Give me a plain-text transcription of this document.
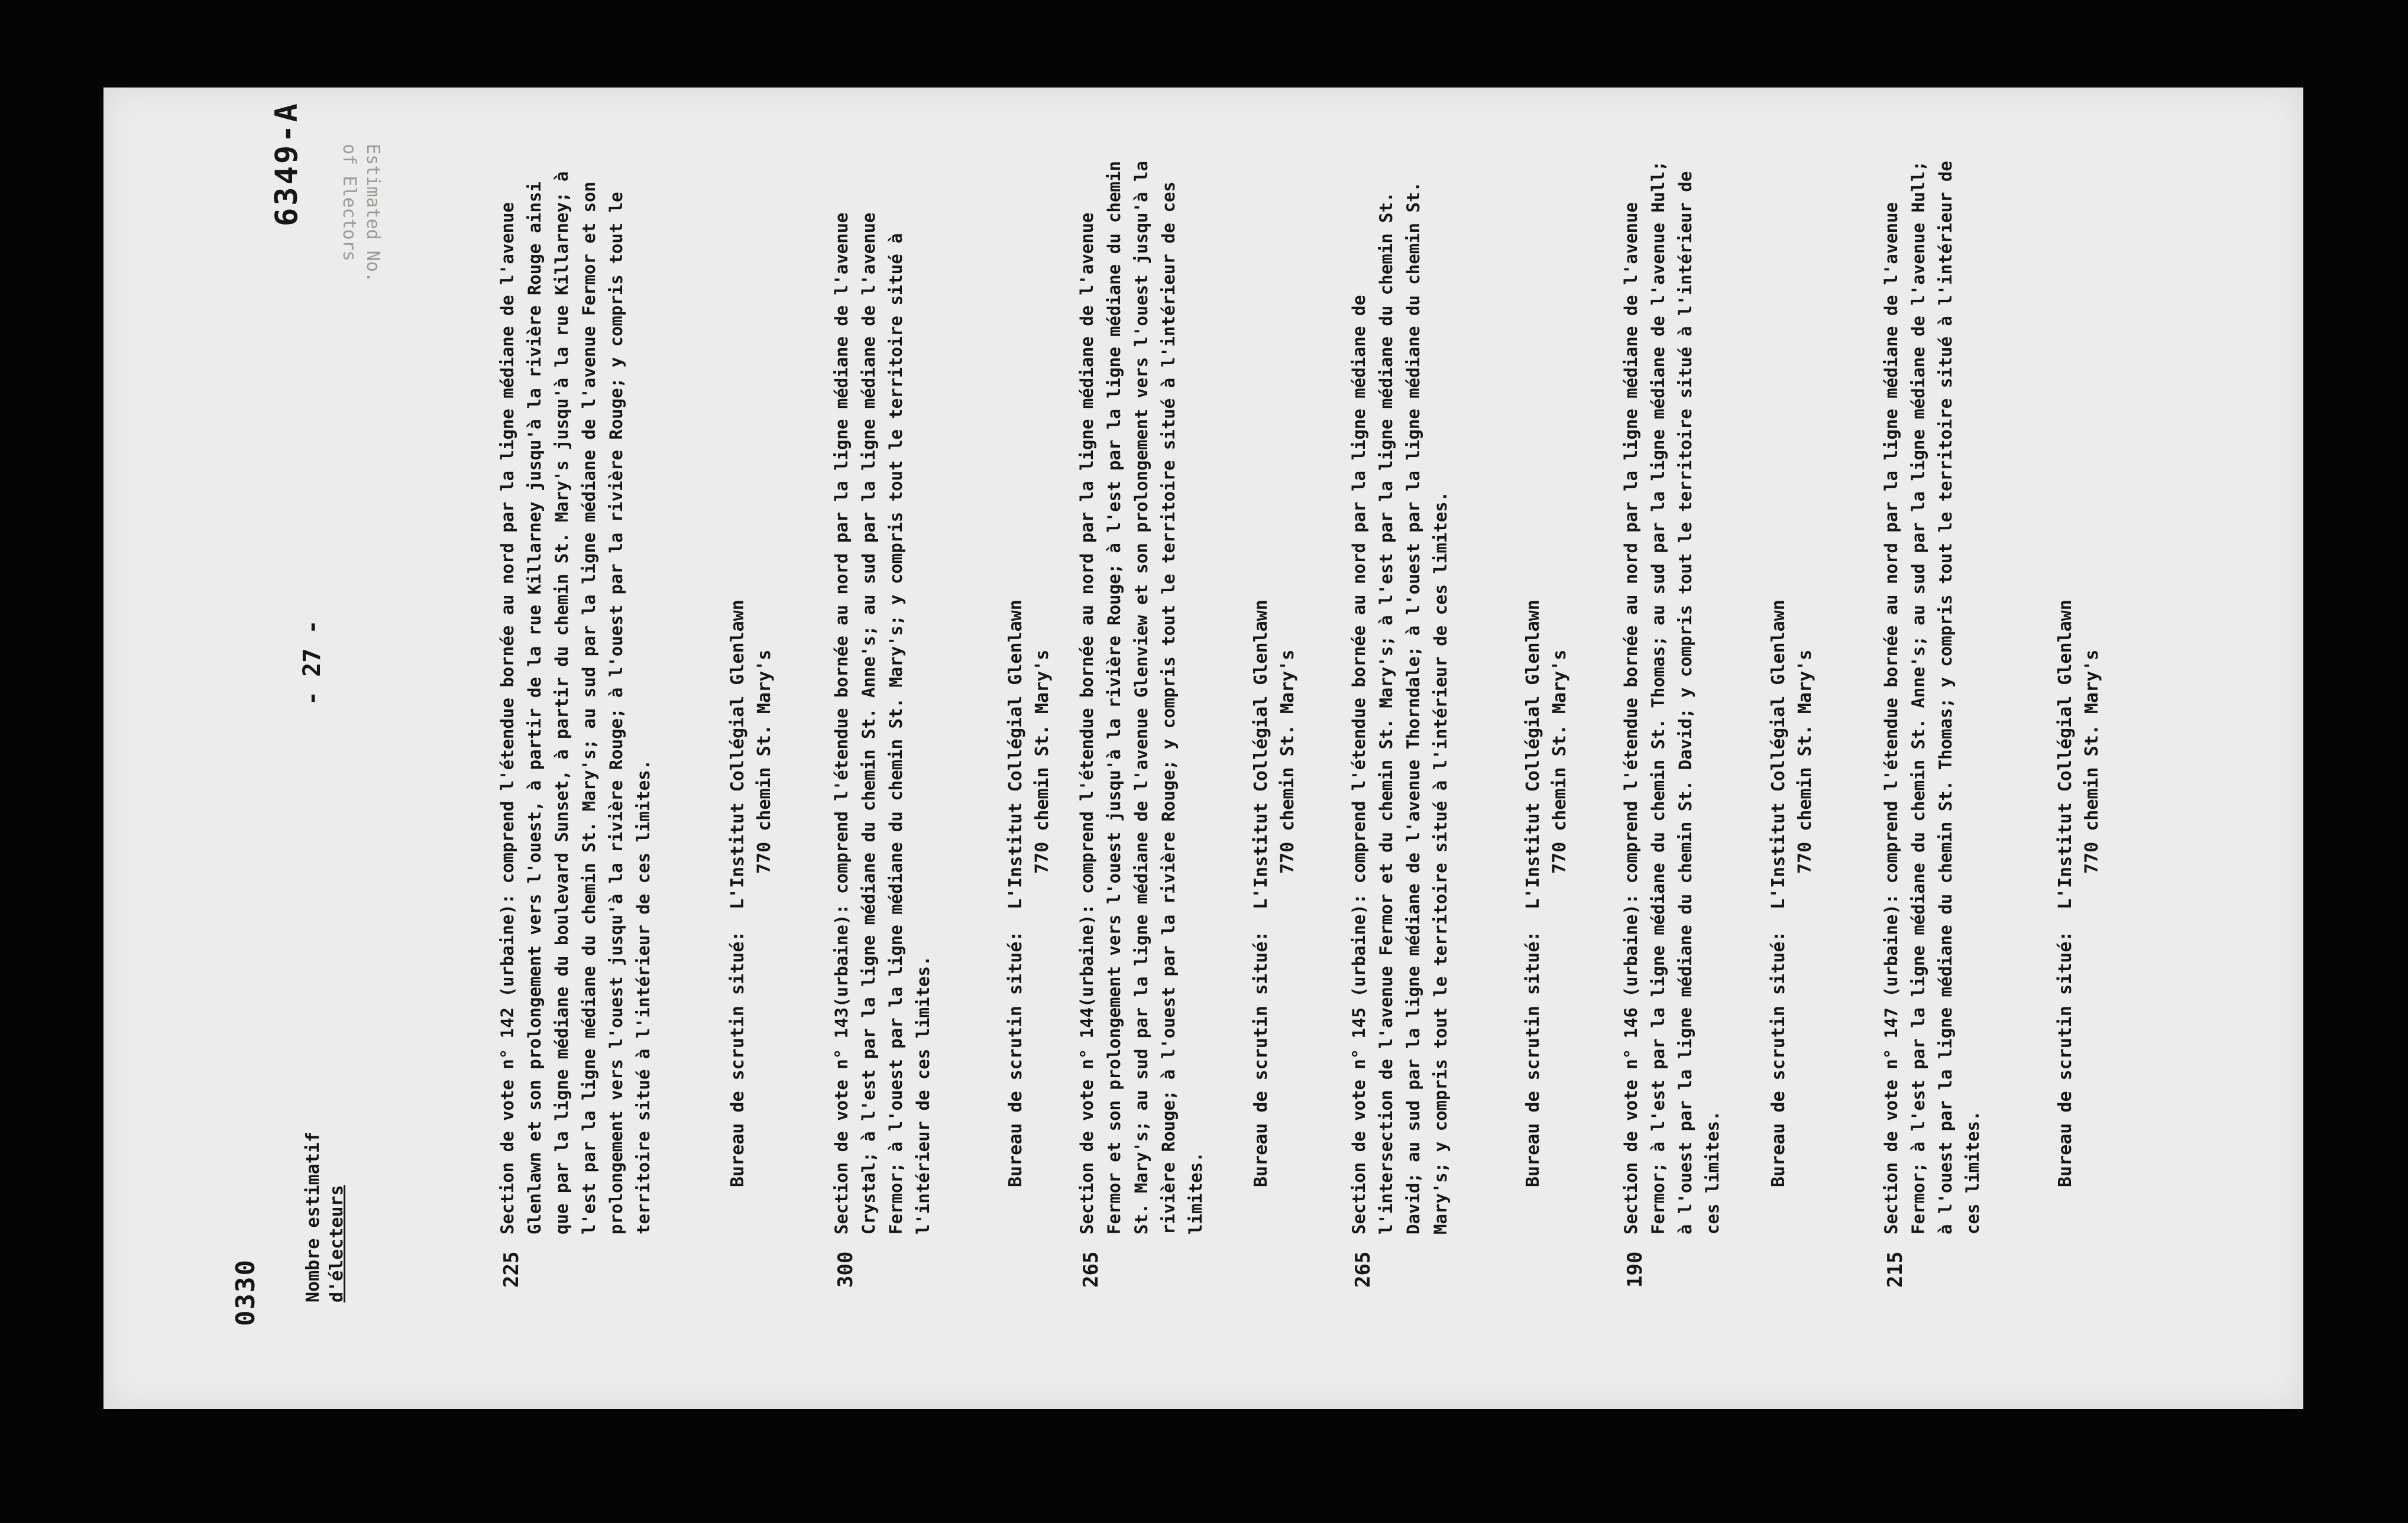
0330
6349-A
- 27 -
Nombre estimatif d'électeurs
Estimated No.
of Electors
225
Section de vote n° 142 (urbaine): comprend l'étendue bornée au nord par la ligne médiane de l'avenue Glenlawn et son prolongement vers l'ouest, à partir de la rue Killarney jusqu'à la rivière Rouge ainsi que par la ligne médiane du boulevard Sunset, à partir du chemin St. Mary's jusqu'à la rue Killarney; à l'est par la ligne médiane du chemin St. Mary's; au sud par la ligne médiane de l'avenue Fermor et son prolongement vers l'ouest jusqu'à la rivière Rouge; à l'ouest par la rivière Rouge; y compris tout le territoire situé à l'intérieur de ces limites.	Bureau de scrutin situé:
L'Institut Collégial Glenlawn 770 chemin St. Mary's
300
Section de vote n° 143(urbaine): comprend l'étendue bornée au nord par la ligne médiane de l'avenue Crystal; à l'est par la ligne médiane du chemin St. Anne's; au sud par la ligne médiane de l'avenue Fermor; à l'ouest par la ligne médiane du chemin St. Mary's; y compris tout le territoire situé à l'intérieur de ces limites.	Bureau de scrutin situé:
L'Institut Collégial Glenlawn 770 chemin St. Mary's
265
Section de vote n° 144(urbaine): comprend l'étendue bornée au nord par la ligne médiane de l'avenue Fermor et son prolongement vers l'ouest jusqu'à la rivière Rouge; à l'est par la ligne médiane du chemin St. Mary's; au sud par la ligne médiane de l'avenue Glenview et son prolongement vers l'ouest jusqu'à la rivière Rouge; à l'ouest par la rivière Rouge; y compris tout le territoire situé à l'intérieur de ces limites.
Bureau de scrutin situé:
L'Institut Collégial Glenlawn 770 chemin St. Mary's
265
Section de vote n° 145 (urbaine): comprend l'étendue bornée au nord par la ligne médiane de l'intersection de l'avenue Fermor et du chemin St. Mary's; à l'est par la ligne médiane du chemin St. David; au sud par la ligne médiane de l'avenue Thorndale; à l'ouest par la ligne médiane du chemin St. Mary's; y compris tout le territoire situé à l'intérieur de ces limites.	Bureau de scrutin situé:
L'Institut Collégial Glenlawn 770 chemin St. Mary's
190
Section de vote n° 146 (urbaine): comprend l'étendue bornée au nord par la ligne médiane de l'avenue Fermor; à l'est par la ligne médiane du chemin St. Thomas; au sud par la ligne médiane de l'avenue Hull; à l'ouest par la ligne médiane du chemin St. David; y compris tout le territoire situé à l'intérieur de ces limites.	Bureau de scrutin situé:
L'Institut Collégial Glenlawn 770 chemin St. Mary's
215
Section de vote n° 147 (urbaine): comprend l'étendue bornée au nord par la ligne médiane de l'avenue Fermor; à l'est par la ligne médiane du chemin St. Anne's; au sud par la ligne médiane de l'avenue Hull; à l'ouest par la ligne médiane du chemin St. Thomas; y compris tout le territoire situé à l'intérieur de ces limites.	Bureau de scrutin situé:
L'Institut Collégial Glenlawn 770 chemin St. Mary's
